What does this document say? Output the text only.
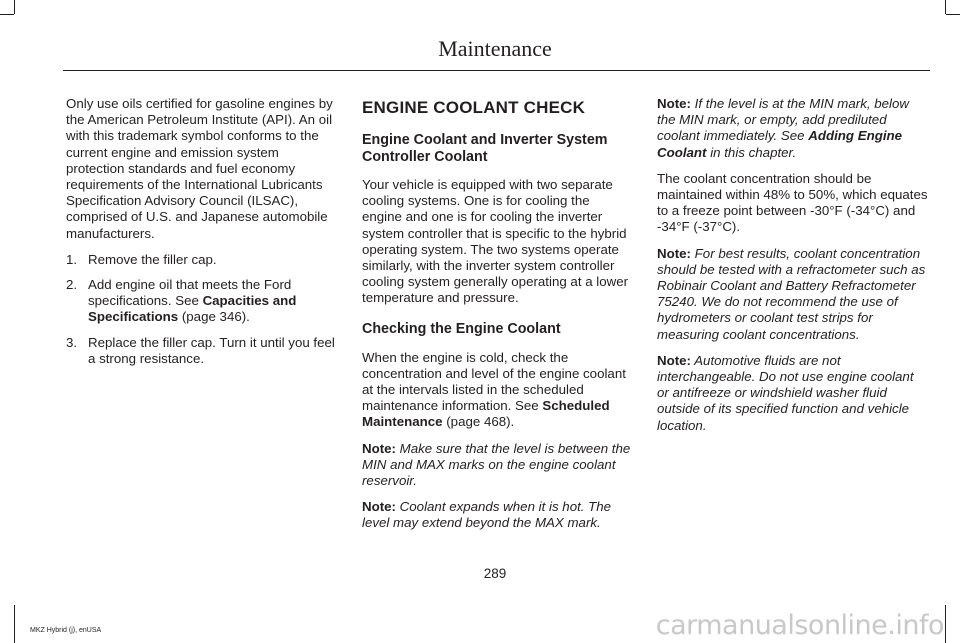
Maintenance

Only use oils certified for gasoline engines by the American Petroleum Institute (API). An oil with this trademark symbol conforms to the current engine and emission system protection standards and fuel economy requirements of the International Lubricants Specification Advisory Council (ILSAC), comprised of U.S. and Japanese automobile manufacturers.

1. Remove the filler cap.
2. Add engine oil that meets the Ford specifications. See Capacities and Specifications (page 346).
3. Replace the filler cap. Turn it until you feel a strong resistance.
ENGINE COOLANT CHECK
Engine Coolant and Inverter System Controller Coolant

Your vehicle is equipped with two separate cooling systems. One is for cooling the engine and one is for cooling the inverter system controller that is specific to the hybrid operating system. The two systems operate similarly, with the inverter system controller cooling system generally operating at a lower temperature and pressure.

Checking the Engine Coolant

When the engine is cold, check the concentration and level of the engine coolant at the intervals listed in the scheduled maintenance information. See Scheduled Maintenance (page 468).

Note: Make sure that the level is between the MIN and MAX marks on the engine coolant reservoir.

Note: Coolant expands when it is hot. The level may extend beyond the MAX mark.

Note: If the level is at the MIN mark, below the MIN mark, or empty, add prediluted coolant immediately. See Adding Engine Coolant in this chapter.

The coolant concentration should be maintained within 48% to 50%, which equates to a freeze point between -30°F (-34°C) and -34°F (-37°C).

Note: For best results, coolant concentration should be tested with a refractometer such as Robinair Coolant and Battery Refractometer 75240. We do not recommend the use of hydrometers or coolant test strips for measuring coolant concentrations.

Note: Automotive fluids are not interchangeable. Do not use engine coolant or antifreeze or windshield washer fluid outside of its specified function and vehicle location.

289
MKZ Hybrid (j), enUSA	carmanualsonline.info
